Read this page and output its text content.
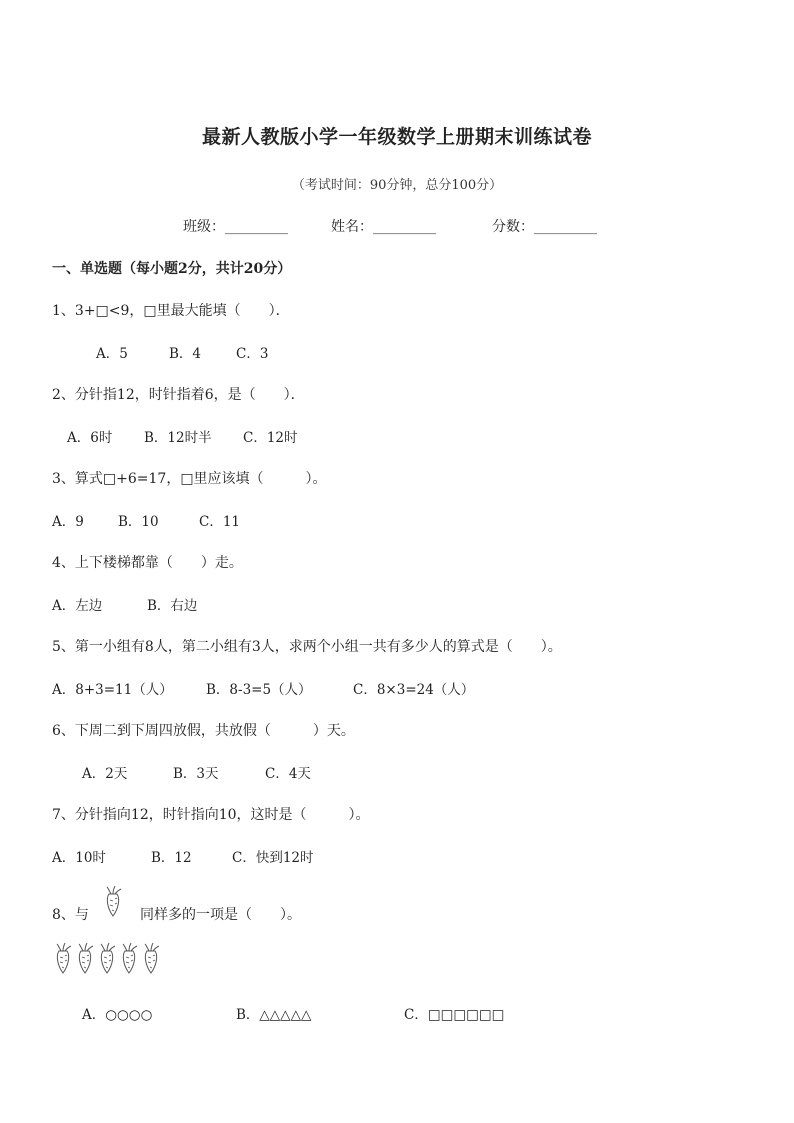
最新人教版小学一年级数学上册期末训练试卷
（考试时间：90分钟，总分100分）
班级：_________	姓名：_________	分数：_________
一、单选题（每小题2分，共计20分）
1、3+□<9，□里最大能填（　　）．
A．5	B．4	C．3
2、分针指12，时针指着6，是（　　）．
A．6时 B．12时半 C．12时
3、算式□+6=17，□里应该填（　　　）。
A．9	B．10	C．11
4、上下楼梯都靠（　　）走。
A．左边	B．右边
5、第一小组有8人，第二小组有3人，求两个小组一共有多少人的算式是（　　）。
A．8+3=11（人） B．8-3=5（人）	C．8×3=24（人）
6、下周二到下周四放假，共放假（　　　）天。
A．2天	B．3天	C．4天
7、分针指向12，时针指向10，这时是（　　　）。
A．10时	B．12	C．快到12时
8、与	同样多的一项是（　　）。
A．○○○○	B．△△△△△	C．□□□□□□
